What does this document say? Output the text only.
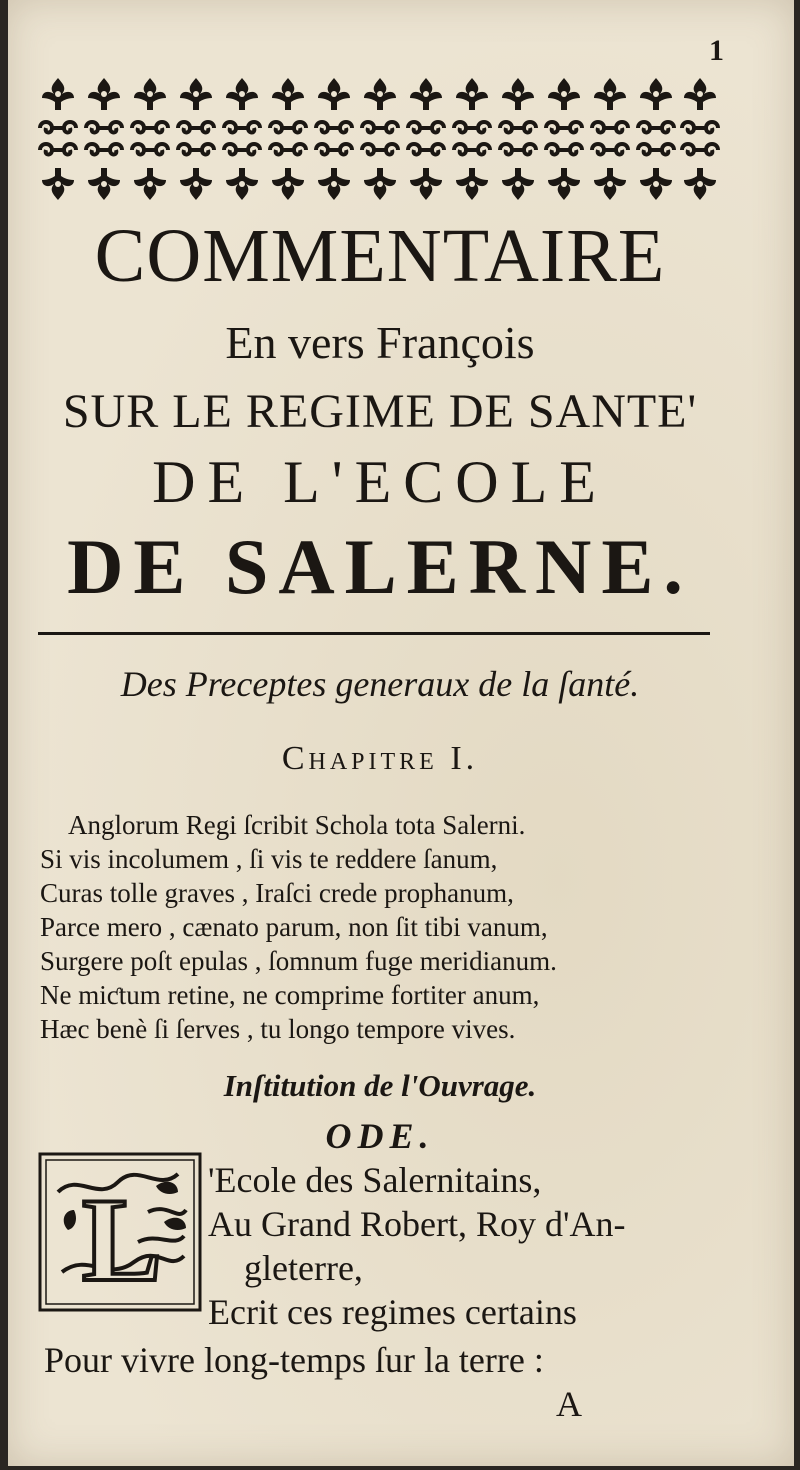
1
COMMENTAIRE
En vers François
SUR LE REGIME DE SANTE'
DE L'ECOLE
DE SALERNE.
Des Preceptes generaux de la ſanté.
Chapitre I.
Anglorum Regi ſcribit Schola tota Salerni.
Si vis incolumem , ſi vis te reddere ſanum,
Curas tolle graves , Iraſci crede prophanum,
Parce mero , cænato parum, non ſit tibi vanum,
Surgere poſt epulas , ſomnum fuge meridianum.
Ne miƈtum retine, ne comprime fortiter anum,
Hæc benè ſi ſerves , tu longo tempore vives.
Inſtitution de l'Ouvrage.
ODE.
L 'Ecole des Salernitains,
Au Grand Robert, Roy d'An-
gleterre,
Ecrit ces regimes certains
Pour vivre long-temps ſur la terre :
A
